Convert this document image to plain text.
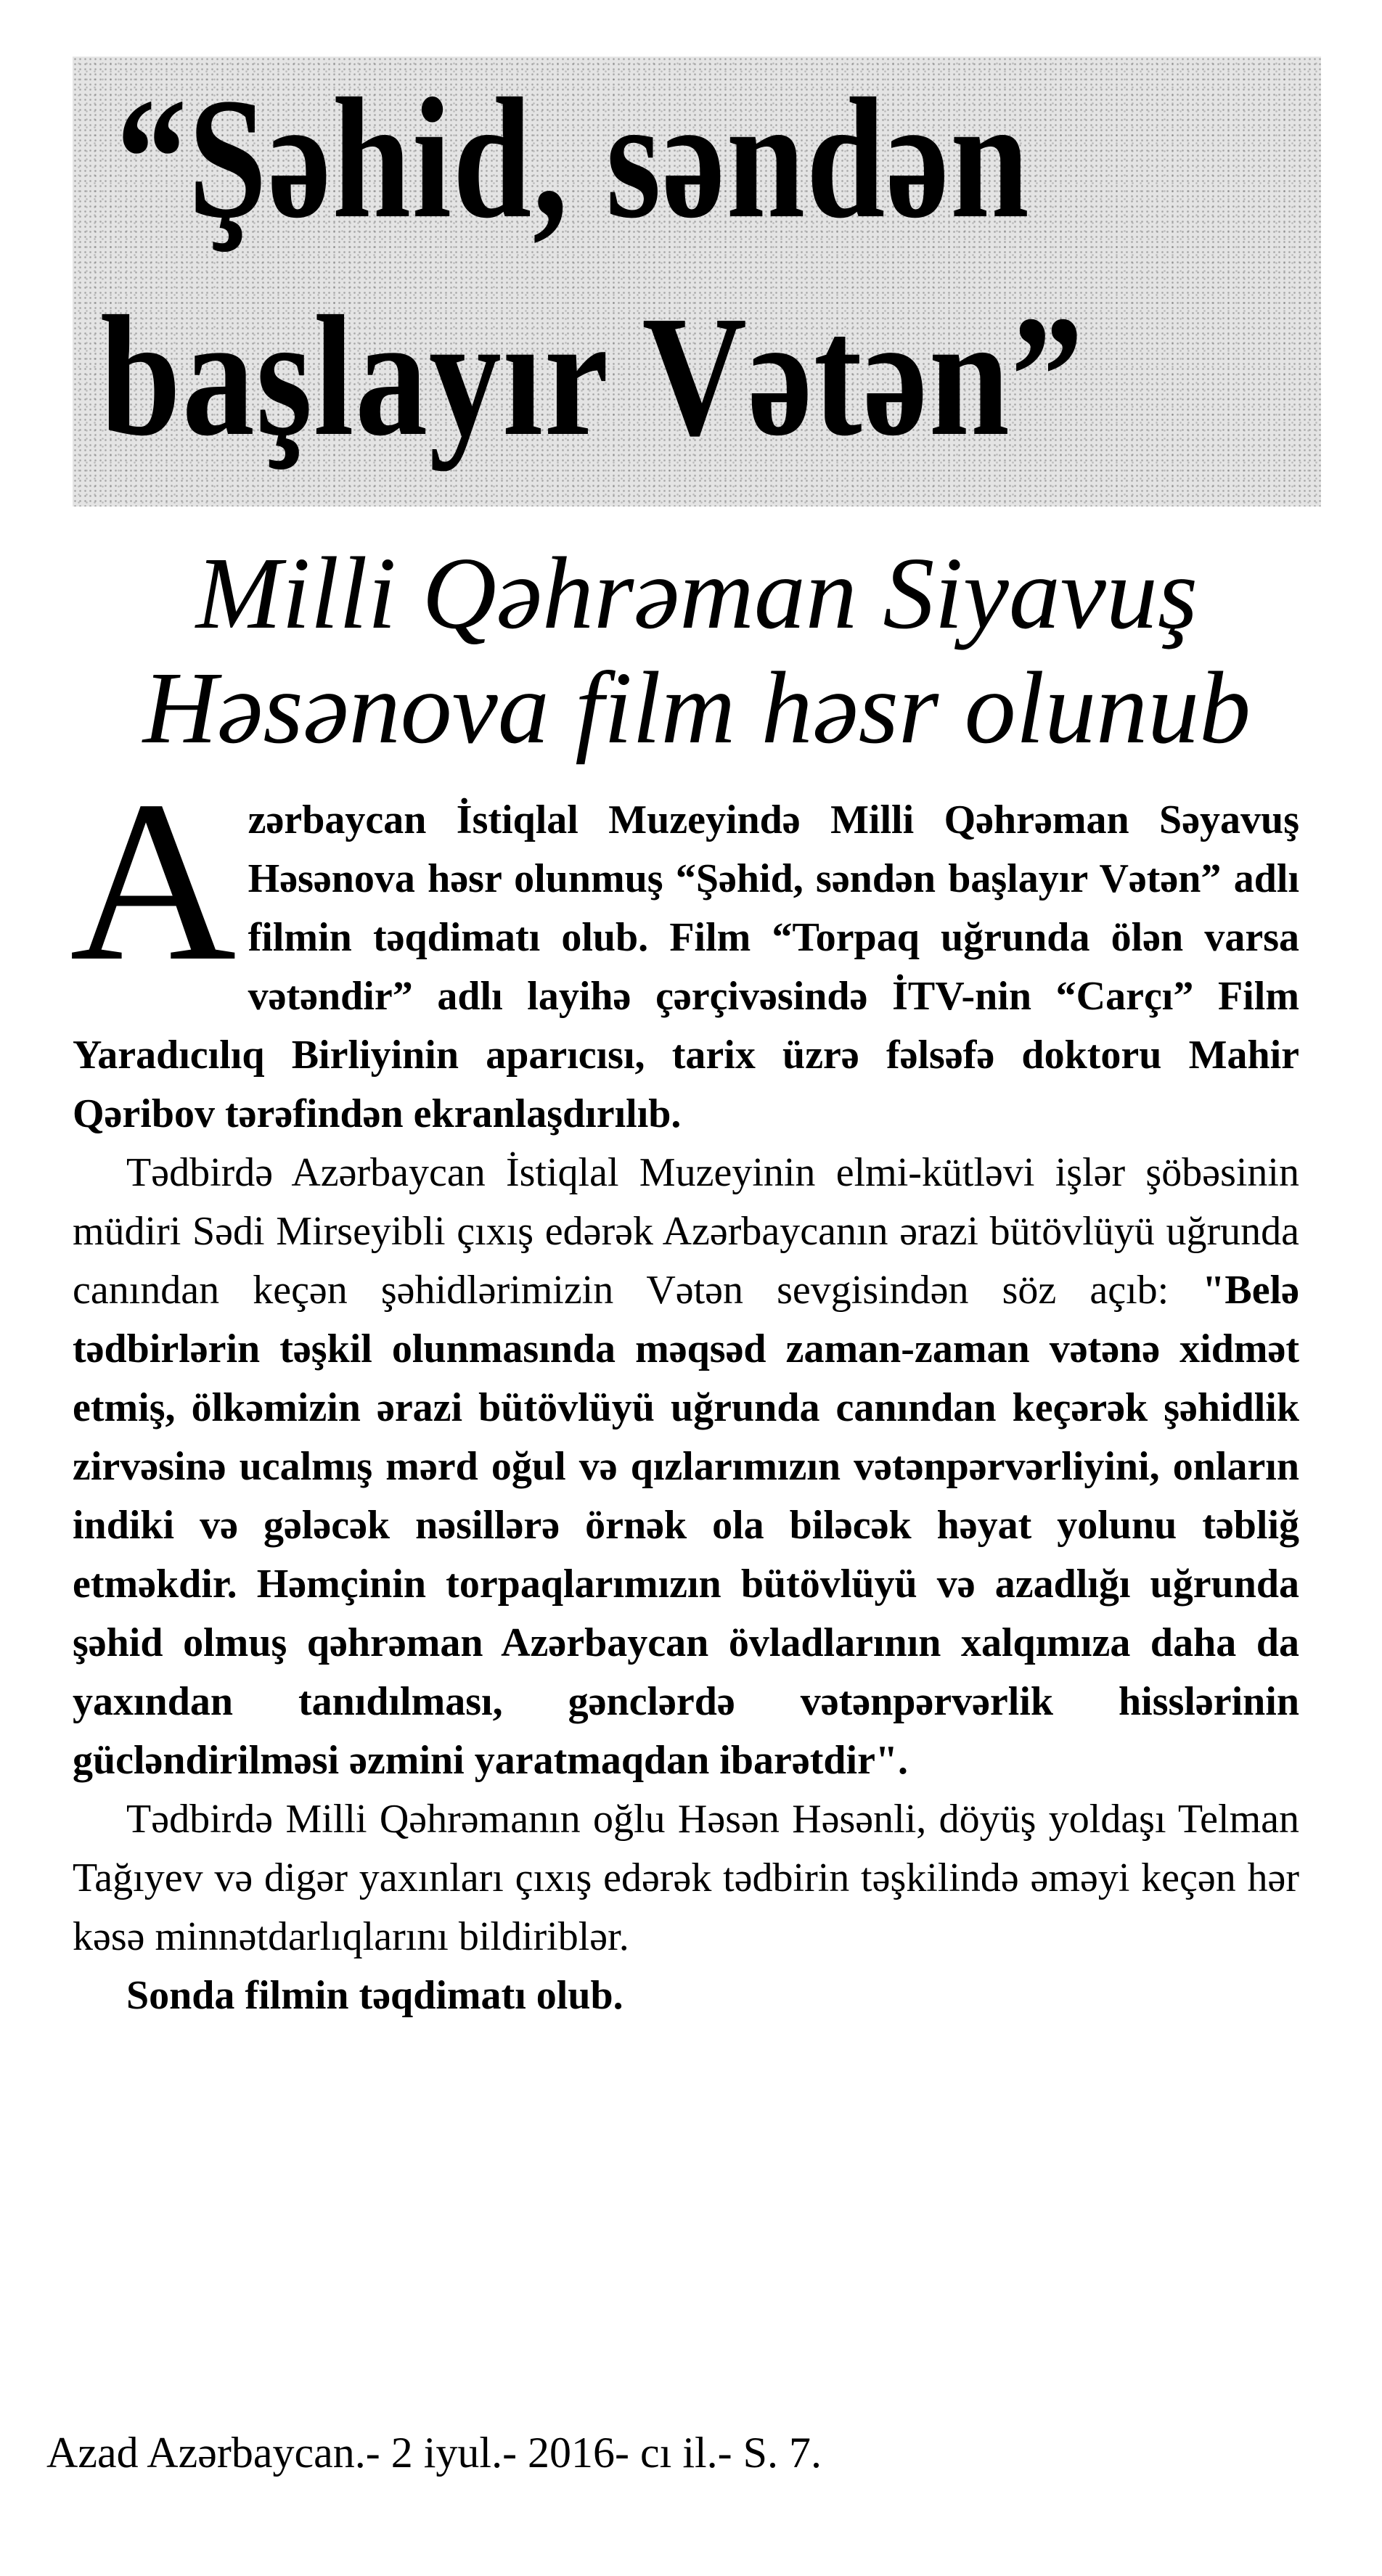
“Şəhid, səndən
başlayır Vətən”
Milli Qəhrəman Siyavuş
Həsənova film həsr olunub

Azərbaycan İstiqlal Muzeyində Milli Qəhrəman Səyavuş Həsənova həsr olunmuş “Şəhid, səndən başlayır Vətən” adlı filmin təqdimatı olub. Film “Torpaq uğrunda ölən varsa vətəndir” adlı layihə çərçivəsində İTV-nin “Carçı” Film Yaradıcılıq Birliyinin aparıcısı, tarix üzrə fəlsəfə doktoru Mahir Qəribov tərəfindən ekranlaşdırılıb.

Tədbirdə Azərbaycan İstiqlal Muzeyinin elmi-kütləvi işlər şöbəsinin müdiri Sədi Mirseyibli çıxış edərək Azərbaycanın ərazi bütövlüyü uğrunda canından keçən şəhidlərimizin Vətən sevgisindən söz açıb: "Belə tədbirlərin təşkil olunmasında məqsəd zaman-zaman vətənə xidmət etmiş, ölkəmizin ərazi bütövlüyü uğrunda canından keçərək şəhidlik zirvəsinə ucalmış mərd oğul və qızlarımızın vətənpərvərliyini, onların indiki və gələcək nəsillərə örnək ola biləcək həyat yolunu təbliğ etməkdir. Həmçinin torpaqlarımızın bütövlüyü və azadlığı uğrunda şəhid olmuş qəhrəman Azərbaycan övladlarının xalqımıza daha da yaxından tanıdılması, gənclərdə vətənpərvərlik hisslərinin gücləndirilməsi əzmini yaratmaqdan ibarətdir".

Tədbirdə Milli Qəhrəmanın oğlu Həsən Həsənli, döyüş yoldaşı Telman Tağıyev və digər yaxınları çıxış edərək tədbirin təşkilində əməyi keçən hər kəsə minnətdarlıqlarını bildiriblər.

Sonda filmin təqdimatı olub.

Azad Azərbaycan.- 2 iyul.- 2016- cı il.- S. 7.
